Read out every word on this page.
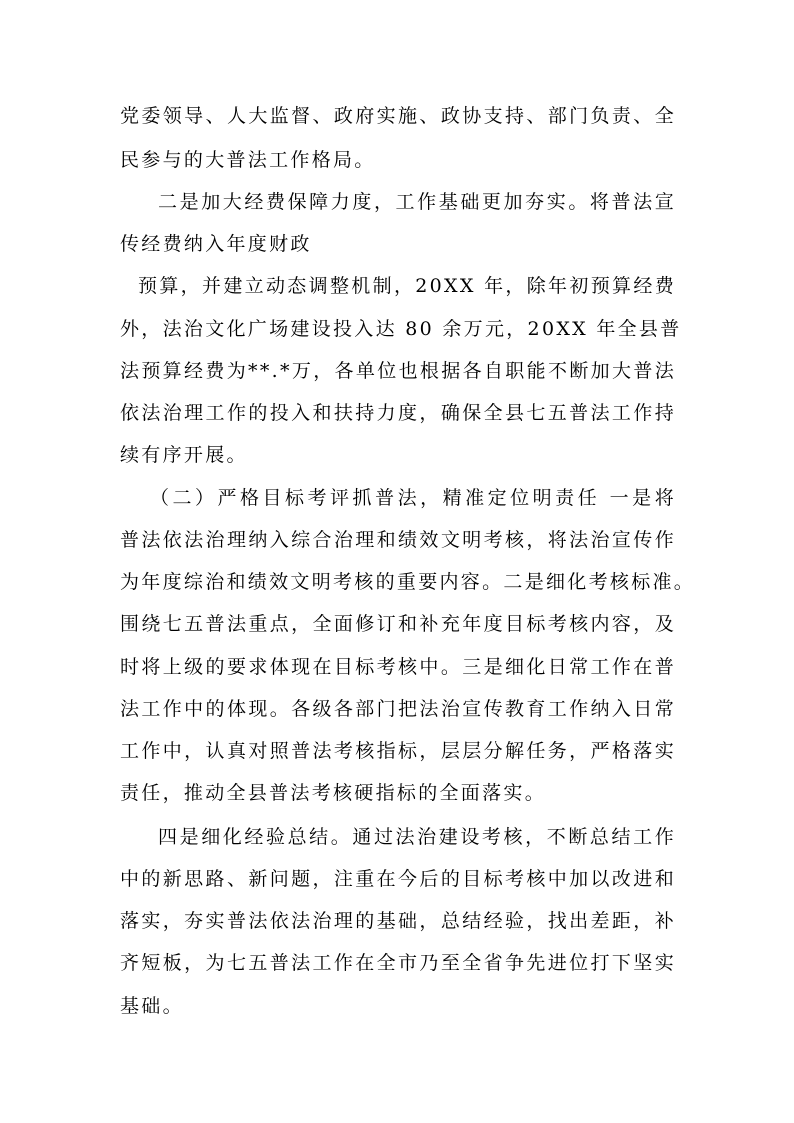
党委领导、人大监督、政府实施、政协支持、部门负责、全
民参与的大普法工作格局。
二是加大经费保障力度，工作基础更加夯实。将普法宣
传经费纳入年度财政
预算，并建立动态调整机制，20XX 年，除年初预算经费
外，法治文化广场建设投入达 80 余万元，20XX 年全县普
法预算经费为**.*万，各单位也根据各自职能不断加大普法
依法治理工作的投入和扶持力度，确保全县七五普法工作持
续有序开展。
（二）严格目标考评抓普法，精准定位明责任 一是将
普法依法治理纳入综合治理和绩效文明考核，将法治宣传作
为年度综治和绩效文明考核的重要内容。二是细化考核标准。
围绕七五普法重点，全面修订和补充年度目标考核内容，及
时将上级的要求体现在目标考核中。三是细化日常工作在普
法工作中的体现。各级各部门把法治宣传教育工作纳入日常
工作中，认真对照普法考核指标，层层分解任务，严格落实
责任，推动全县普法考核硬指标的全面落实。
四是细化经验总结。通过法治建设考核，不断总结工作
中的新思路、新问题，注重在今后的目标考核中加以改进和
落实，夯实普法依法治理的基础，总结经验，找出差距，补
齐短板，为七五普法工作在全市乃至全省争先进位打下坚实
基础。
